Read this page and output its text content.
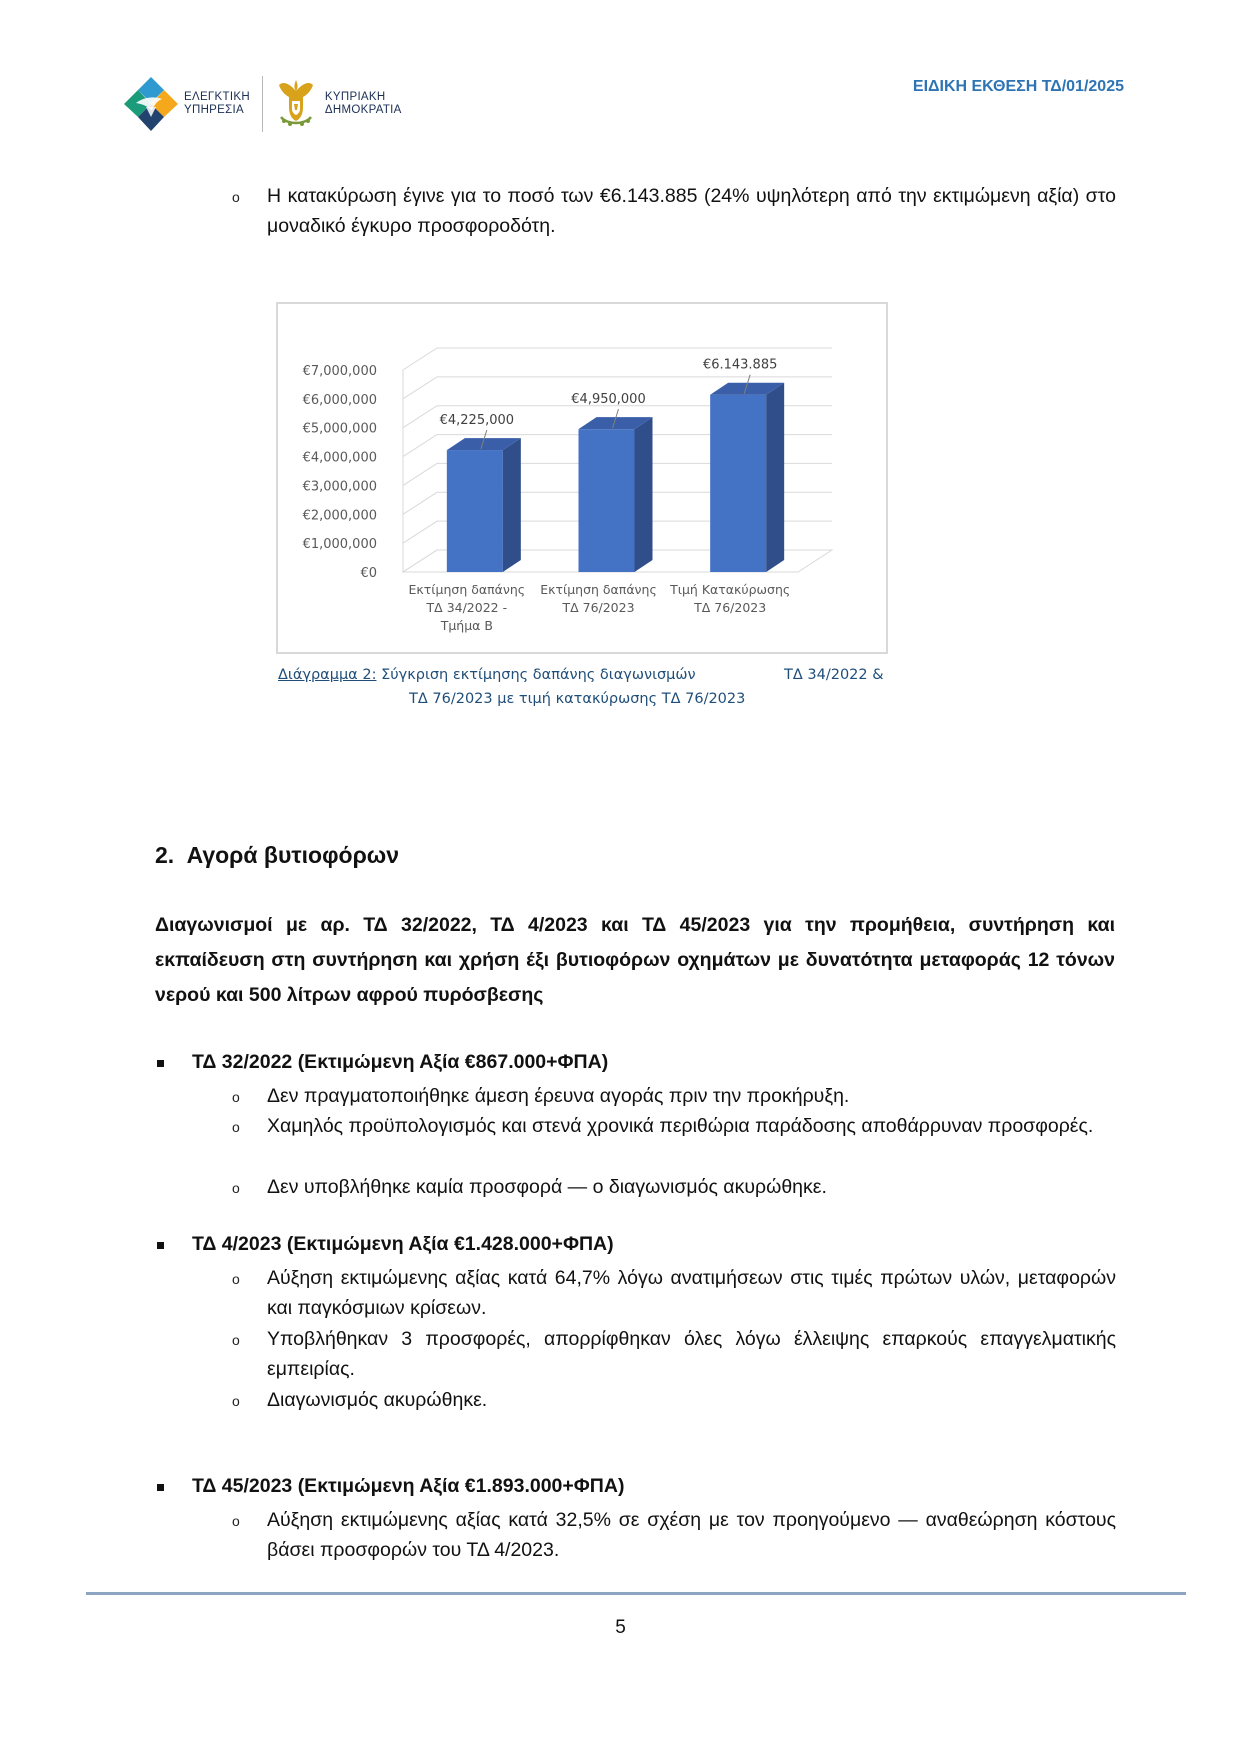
ΕΛΕΓΚΤΙΚΗ
ΥΠΗΡΕΣΙΑ
ΚΥΠΡΙΑΚΗ
ΔΗΜΟΚΡΑΤΙΑ
ΕΙΔΙΚΗ ΕΚΘΕΣΗ ΤΔ/01/2025
o Η κατακύρωση έγινε για το ποσό των €6.143.885 (24% υψηλότερη από την εκτιμώμενη αξία) στο μοναδικό έγκυρο προσφοροδότη.
€0
€1,000,000
€2,000,000
€3,000,000
€4,000,000
€5,000,000
€6,000,000
€7,000,000
€4,225,000
Εκτίμηση δαπάνης
ΤΔ 34/2022 -
Τμήμα Β
€4,950,000
Εκτίμηση δαπάνης
ΤΔ 76/2023
€6.143.885
Τιμή Κατακύρωσης
ΤΔ 76/2023
Διάγραμμα 2: Σύγκριση εκτίμησης δαπάνης διαγωνισμών	ΤΔ 34/2022 &
ΤΔ 76/2023 με τιμή κατακύρωσης ΤΔ 76/2023
2. Αγορά βυτιοφόρων
Διαγωνισμοί με αρ. ΤΔ 32/2022, ΤΔ 4/2023 και ΤΔ 45/2023 για την προμήθεια, συντήρηση και εκπαίδευση στη συντήρηση και χρήση έξι βυτιοφόρων οχημάτων με δυνατότητα μεταφοράς 12 τόνων νερού και 500 λίτρων αφρού πυρόσβεσης
ΤΔ 32/2022 (Εκτιμώμενη Αξία €867.000+ΦΠΑ)
o Δεν πραγματοποιήθηκε άμεση έρευνα αγοράς πριν την προκήρυξη.
o Χαμηλός προϋπολογισμός και στενά χρονικά περιθώρια παράδοσης αποθάρρυναν προσφορές.
o Δεν υποβλήθηκε καμία προσφορά — ο διαγωνισμός ακυρώθηκε.
ΤΔ 4/2023 (Εκτιμώμενη Αξία €1.428.000+ΦΠΑ)
o Αύξηση εκτιμώμενης αξίας κατά 64,7% λόγω ανατιμήσεων στις τιμές πρώτων υλών, μεταφορών και παγκόσμιων κρίσεων.
o Υποβλήθηκαν 3 προσφορές, απορρίφθηκαν όλες λόγω έλλειψης επαρκούς επαγγελματικής εμπειρίας.
o Διαγωνισμός ακυρώθηκε.
ΤΔ 45/2023 (Εκτιμώμενη Αξία €1.893.000+ΦΠΑ)
o Αύξηση εκτιμώμενης αξίας κατά 32,5% σε σχέση με τον προηγούμενο — αναθεώρηση κόστους βάσει προσφορών του ΤΔ 4/2023.
5
